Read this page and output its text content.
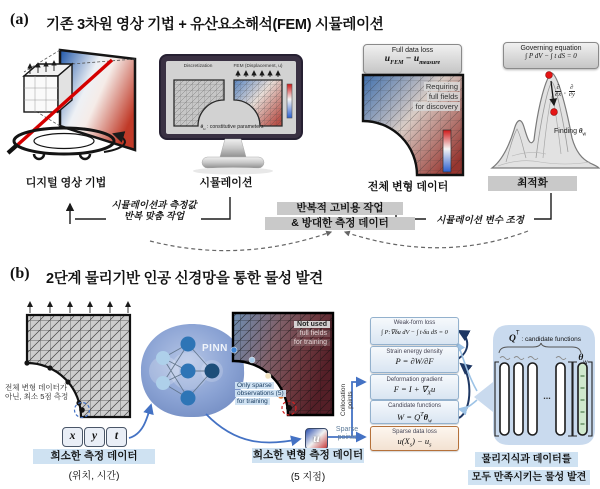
(a) 기존 3차원 영상 기법 + 유산요소해석(FEM) 시뮬레이션
Discretization	FEM (Displacement, u)
$\theta_u$ : constitutive parameters
Full data loss
$u_{FEM} - u_{measure}$
Requiring
full fields
for discovery
Governing equation
∫ P dV − ∫ t dS = 0
$\frac{\partial}{\partial x}$ , $\frac{\partial}{\partial y}$
Finding $\theta_w$
디지털 영상 기법	시뮬레이션	전체 변형 데이터	최적화
시뮬레이션과 측정값
반복 맞춤 작업
반복적 고비용 작업
& 방대한 측정 데이터	시뮬레이션 변수 조정
(b) 2단계 물리기반 인공 신경망을 통한 물성 발견
전체 변형 데이터가
아닌, 최소 5점 측정
x	y	t
희소한 측정 데이터
(위치, 시간)
PINN
Not used
full fields
for training
Only sparse
observations (5)
for training
u
Sparse
points
희소한 변형 측정 데이터
(5 지점)
Collocation points
Weak-form loss
∫ P:∇δu dV − ∫ t·δu dS = 0
Strain energy density
P = ∂W/∂F
Deformation gradient
$F = I + \nabla_Xu$
Candidate functions
$W = Q^T\theta_w$
Sparse data loss
$u(X_s) - u_s$
$Q^T$ : candidate functions
$\theta_w$
...
물리지식과 데이터를
모두 만족시키는 물성 발견
